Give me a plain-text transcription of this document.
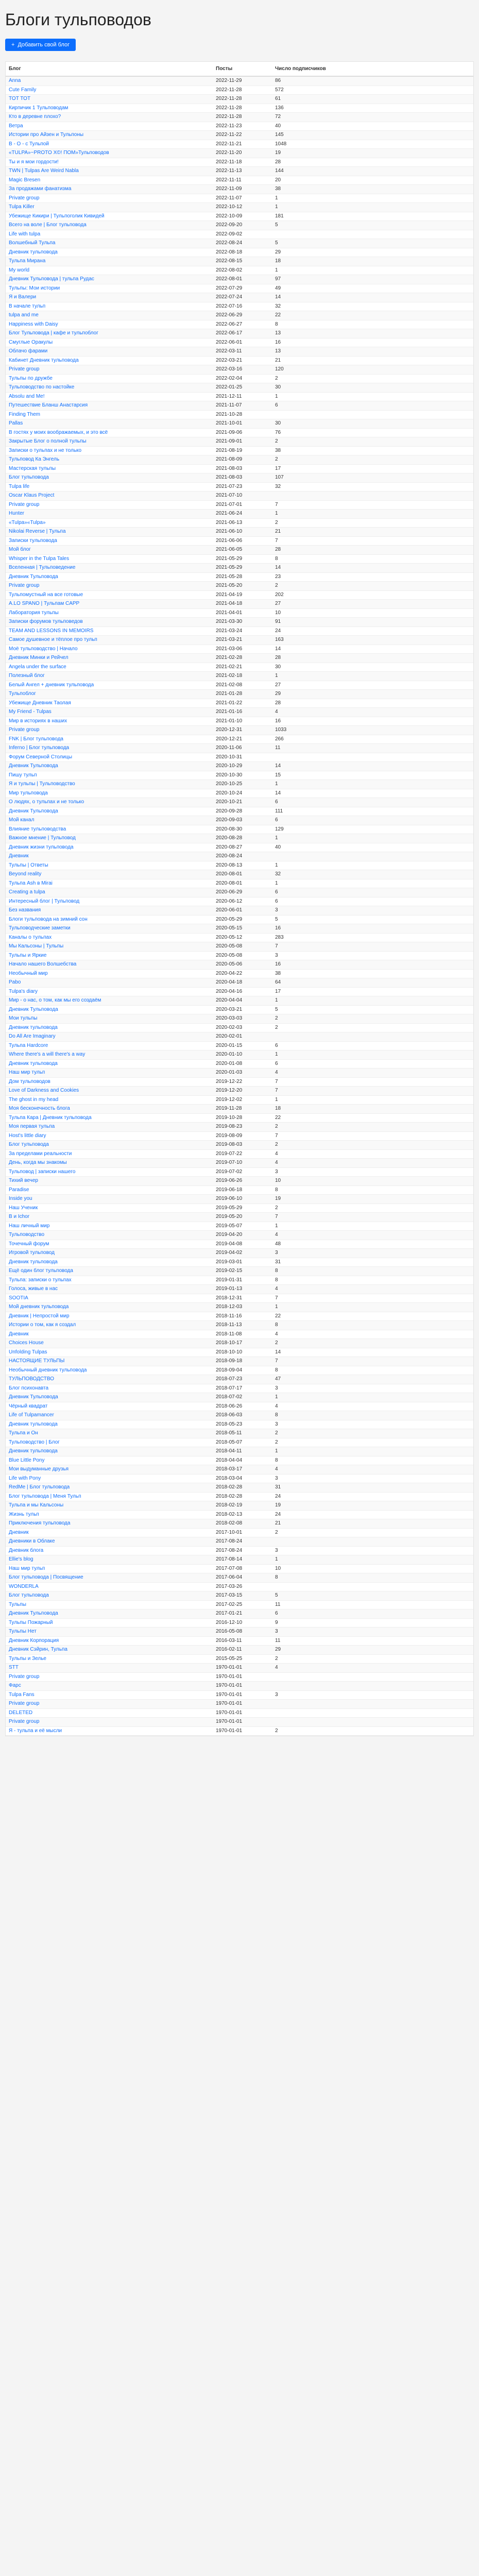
Блоги тульповодов
+ Добавить свой блог
Блог	Посты	Число подписчиков
Anna	2022-11-29	86
Cute Family	2022-11-28	572
TOT TOT	2022-11-28	61
Кирпичик 1 Тульповодам	2022-11-28	136
Кто в деревне плохо?	2022-11-28	72
Ветра	2022-11-23	40
Истории про Айзен и Тульпоны	2022-11-22	145
В - О - с Тульпой	2022-11-21	1048
«TULPA»~PROTO X©! ПОМ»Тульповодов	2022-11-20	19
Ты и я мои гордости!	2022-11-18	28
TWN | Tulpas Are Weird Nabla	2022-11-13	144
Magic Bresen	2022-11-11	20
За продажами фанатизма	2022-11-09	38
Private group	2022-11-07	1
Tulpa Killer	2022-10-12	1
Убежище Кикири | Тульпоголик Кивидей	2022-10-09	181
Всего на воле | Блог тульповода	2022-09-20	5
Life with tulpa	2022-09-02	
Волшебный Тульпа	2022-08-24	5
Дневник тульповода	2022-08-18	29
Тульпа Мирана	2022-08-15	18
My world	2022-08-02	1
Дневник Тульповода | тульпа Рудас	2022-08-01	97
Тульпы: Мои истории	2022-07-29	49
Я и Валери	2022-07-24	14
В начале тульп	2022-07-16	32
tulpa and me	2022-06-29	22
Happiness with Daisy	2022-06-27	8
Блог Тульповода | кафе и тульпоблог	2022-06-17	13
Смуглые Оракулы	2022-06-01	16
Облачо фарами	2022-03-11	13
Кабинет Дневник тульповода	2022-03-21	21
Private group	2022-03-16	120
Тульпы по дружбе	2022-02-04	2
Тульповодство по настойке	2022-01-25	30
Absolu and Me!	2021-12-11	1
Путешествие Бланш Анастарсия	2021-11-07	6
Finding Them	2021-10-28	
Pallas	2021-10-01	30
В гостях у моих воображаемых, и это всё	2021-09-06	76
Закрытые Блог о полной тульпы	2021-09-01	2
Записки о тульпах и не только	2021-08-19	38
Тульповод Ка Энгель	2021-08-09	2
Мастерская тульпы	2021-08-03	17
Блог тульповода	2021-08-03	107
Tulpa life	2021-07-23	32
Oscar Klaus Project	2021-07-10	
Private group	2021-07-01	7
Hunter	2021-06-24	1
«Tulpa»«Tulpa»	2021-06-13	2
Nikolai Reverse | Тульпа	2021-06-10	21
Записки тульповода	2021-06-06	7
Мой блог	2021-06-05	28
Whisper in the Tulpa Tales	2021-05-29	8
Вселенная | Тульповедение	2021-05-29	14
Дневник Тульповода	2021-05-28	23
Private group	2021-05-20	2
Тульпомустный на все готовые	2021-04-19	202
A.LO SPANO | Тульпам CAPP	2021-04-18	27
Лаборатория тульпы	2021-04-01	10
Записки форумов тульповедов	2021-03-30	91
TEAM AND LESSONS IN MEMOIRS	2021-03-24	24
Самое душевное и тёплое про тульп	2021-03-21	163
Моё тульповодство | Начало	2021-03-06	14
Дневник Минки и Рейчел	2021-02-28	28
Angela under the surface	2021-02-21	30
Полезный блог	2021-02-18	1
Белый Ангел + дневник тульповода	2021-02-08	27
Тульпоблог	2021-01-28	29
Убежище Дневник Таолая	2021-01-22	28
My Friend - Tulpas	2021-01-16	4
Мир в историях в наших	2021-01-10	16
Private group	2020-12-31	1033
FNK | Блог тульповода	2020-12-21	266
Inferno | Блог тульповода	2020-11-06	11
Форум Северной Столицы	2020-10-31	
Дневник Тульповода	2020-10-29	14
Пишу тульп	2020-10-30	15
Я и тульпы | Тульповодство	2020-10-25	1
Мир тульповода	2020-10-24	14
О людях, о тульпах и не только	2020-10-21	6
Дневник Тульповода	2020-09-28	111
Мой канал	2020-09-03	6
Влияние тульповодства	2020-08-30	129
Важное мнение | Тульповод	2020-08-28	1
Дневник жизни тульповода	2020-08-27	40
Дневник	2020-08-24	
Тульпы | Ответы	2020-08-13	1
Beyond reality	2020-08-01	32
Тульпа Ash в Mirai	2020-08-01	1
Creating a tulpa	2020-06-29	6
Интересный блог | Тульповод	2020-06-12	6
Без названия	2020-06-01	3
Блоги тульповода на зимний сон	2020-05-29	5
Тульповодческие заметки	2020-05-15	16
Каналы о тульпах	2020-05-12	283
Мы Кальсоны | Тульпы	2020-05-08	7
Тульпы и Яркие	2020-05-08	3
Начало нашего Волшебства	2020-05-06	16
Необычный мир	2020-04-22	38
Pabo	2020-04-18	64
Tulpa's diary	2020-04-16	17
Мир - о нас, о том, как мы его создаём	2020-04-04	1
Дневник Тульповода	2020-03-21	5
Мои тульпы	2020-03-03	2
Дневник тульповода	2020-02-03	2
Do All Are Imaginary	2020-02-01	
Тульпа Hardcore	2020-01-15	6
Where there's a will there's a way	2020-01-10	1
Дневник тульповода	2020-01-08	6
Наш мир тульп	2020-01-03	4
Дом тульповодов	2019-12-22	7
Love of Darkness and Cookies	2019-12-20	7
The ghost in my head	2019-12-02	1
Моя бесконечность блога	2019-11-28	18
Тульпа Кара | Дневник тульповода	2019-10-28	22
Моя первая тульпа	2019-08-23	2
Host's little diary	2019-08-09	7
Блог тульповода	2019-08-03	2
За пределами реальности	2019-07-22	4
День, когда мы знакомы	2019-07-10	4
Тульповод | записки нашего	2019-07-02	3
Тихий вечер	2019-06-26	10
Paradise	2019-06-18	8
Inside you	2019-06-10	19
Наш Ученик	2019-05-29	2
В и Ichor	2019-05-20	7
Наш личный мир	2019-05-07	1
Тульповодство	2019-04-20	4
Точечный форум	2019-04-08	48
Игровой тульповод	2019-04-02	3
Дневник тульповода	2019-03-01	31
Ещё один блог тульповода	2019-02-15	8
Тульпа: записки о тульпах	2019-01-31	8
Голоса, живые в нас	2019-01-13	4
SOOTIA	2018-12-31	7
Мой дневник тульповода	2018-12-03	1
Дневник | Непростой мир	2018-11-16	22
Истории о том, как я создал	2018-11-13	8
Дневник	2018-11-08	4
Choices House	2018-10-17	2
Unfolding Tulpas	2018-10-10	14
НАСТОЯЩИЕ ТУЛЬПЫ	2018-09-18	7
Необычный дневник тульповода	2018-09-04	8
ТУЛЬПОВОДСТВО	2018-07-23	47
Блог психонавта	2018-07-17	3
Дневник Тульповода	2018-07-02	1
Чёрный квадрат	2018-06-26	4
Life of Tulpamancer	2018-06-03	8
Дневник тульповода	2018-05-23	3
Тульпа и Он	2018-05-11	2
Тульповодство | Блог	2018-05-07	2
Дневник тульповода	2018-04-11	1
Blue Little Pony	2018-04-04	8
Мои выдуманные друзья	2018-03-17	4
Life with Pony	2018-03-04	3
RedMe | Блог тульповода	2018-02-28	31
Блог тульповода | Меня Тульп	2018-02-28	24
Тульпа и мы Кальсоны	2018-02-19	19
Жизнь тульп	2018-02-13	24
Приключения тульповода	2018-02-08	21
Дневник	2017-10-01	2
Дневники в Облаке	2017-08-24	
Дневник блога	2017-08-24	3
Ellie's blog	2017-08-14	1
Наш мир тульп	2017-07-08	10
Блог тульповода | Посвящение	2017-06-04	8
WONDERLA	2017-03-26	
Блог тульповода	2017-03-15	5
Тульпы	2017-02-25	11
Дневник Тульповода	2017-01-21	6
Тульпы Пожарный	2016-12-10	9
Тульпы Нет	2016-05-08	3
Дневник Корпорация	2016-03-11	11
Дневник Сэйрин, Тульпа	2016-02-11	29
Тульпы и Зелье	2015-05-25	2
STT	1970-01-01	4
Private group	1970-01-01	
Фарс	1970-01-01	
Tulpa Fans	1970-01-01	3
Private group	1970-01-01	
DELETED	1970-01-01	
Private group	1970-01-01	
Я - тульпа и её мысли	1970-01-01	2
